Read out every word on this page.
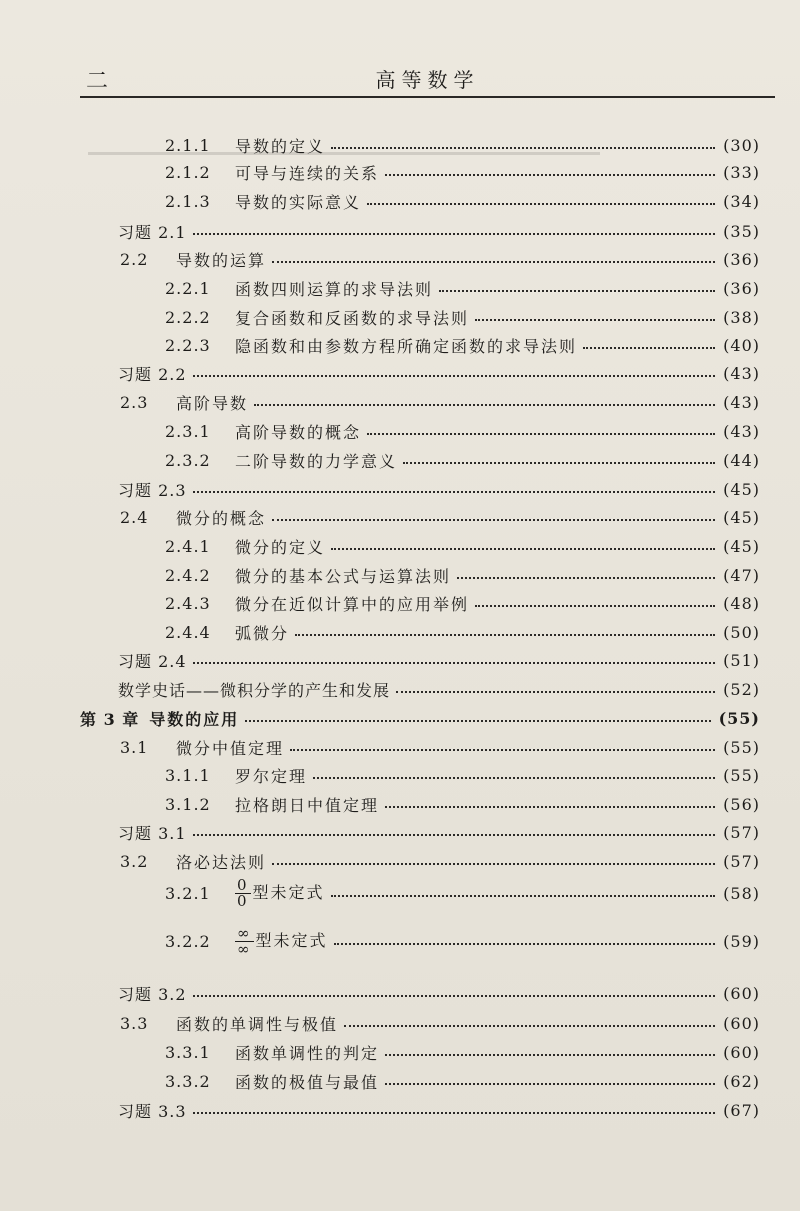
二	高等数学
2.1.1	导数的定义	(30)
2.1.2	可导与连续的关系	(33)
2.1.3	导数的实际意义	(34)
习题 2.1	(35)
2.2	导数的运算	(36)
2.2.1	函数四则运算的求导法则	(36)
2.2.2	复合函数和反函数的求导法则	(38)
2.2.3	隐函数和由参数方程所确定函数的求导法则	(40)
习题 2.2	(43)
2.3	高阶导数	(43)
2.3.1	高阶导数的概念	(43)
2.3.2	二阶导数的力学意义	(44)
习题 2.3	(45)
2.4	微分的概念	(45)
2.4.1	微分的定义	(45)
2.4.2	微分的基本公式与运算法则	(47)
2.4.3	微分在近似计算中的应用举例	(48)
2.4.4	弧微分	(50)
习题 2.4	(51)
数学史话——微积分学的产生和发展	(52)
第 3 章 导数的应用	(55)
3.1	微分中值定理	(55)
3.1.1	罗尔定理	(55)
3.1.2	拉格朗日中值定理	(56)
习题 3.1	(57)
3.2	洛必达法则	(57)
3.2.1	$\frac{0}{0}$ 型未定式	(58)
3.2.2	$\frac{\infty}{\infty}$ 型未定式	(59)
习题 3.2	(60)
3.3	函数的单调性与极值	(60)
3.3.1	函数单调性的判定	(60)
3.3.2	函数的极值与最值	(62)
习题 3.3	(67)
